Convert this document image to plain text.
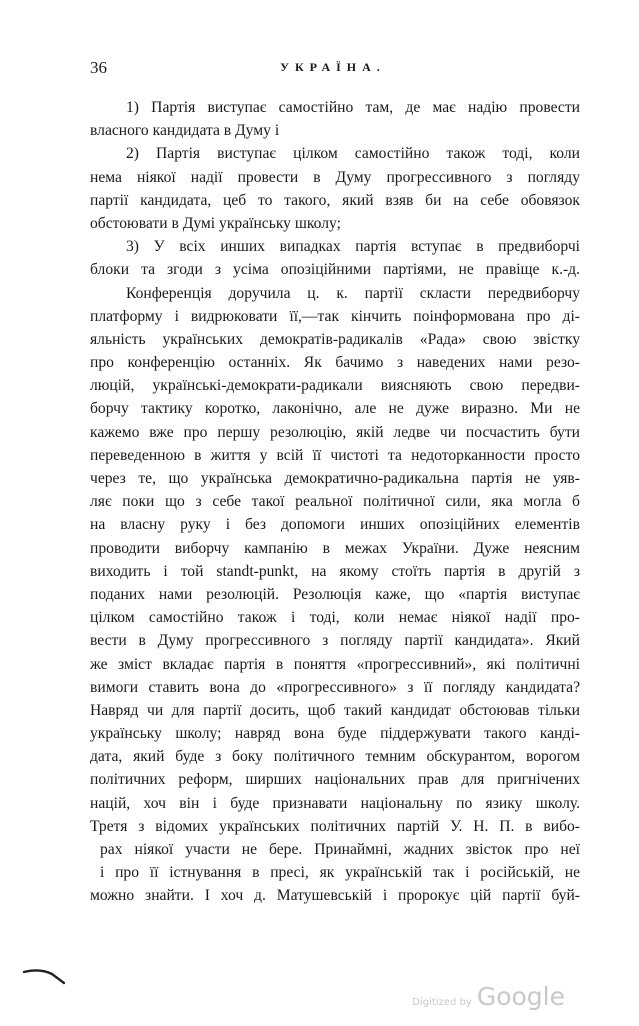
36	УКРАЇНА.
1) Партія виступає самостійно там, де має надію провести
власного кандидата в Думу і
2) Партія виступає цілком самостійно також тоді, коли
нема ніякої надії провести в Думу прогрессивного з погляду
партії кандидата, цеб то такого, який взяв би на себе обовязок
обстоювати в Думі українську школу;
3) У всіх инших випадках партія вступає в предвиборчі
блоки та згоди з усіма опозіційними партіями, не правіще к.-д.
Конференція доручила ц. к. партії скласти передвиборчу
платформу і видрюковати її,—так кінчить поінформована про ді-
яльність українських демократів-радикалів «Рада» свою звістку
про конференцію останніх. Як бачимо з наведених нами резо-
люцій, українські-демократи-радикали виясняють свою передви-
борчу тактику коротко, лаконічно, але не дуже виразно. Ми не
кажемо вже про першу резолюцію, якій ледве чи посчастить бути
переведенною в життя у всій її чистоті та недоторканности просто
через те, що українська демократично-радикальна партія не уяв-
ляє поки що з себе такої реальної політичної сили, яка могла б
на власну руку і без допомоги инших опозіційних елементів
проводити виборчу кампанію в межах України. Дуже неясним
виходить і той standt-punkt, на якому стоїть партія в другій з
поданих нами резолюцій. Резолюція каже, що «партія виступає
цілком самостійно також і тоді, коли немає ніякої надії про-
вести в Думу прогрессивного з погляду партії кандидата». Який
же зміст вкладає партія в поняття «прогрессивний», які політичні
вимоги ставить вона до «прогрессивного» з її погляду кандидата?
Навряд чи для партії досить, щоб такий кандидат обстоював тільки
українську школу; навряд вона буде піддержувати такого канді-
дата, який буде з боку політичного темним обскурантом, ворогом
політичних реформ, ширших національних прав для пригнічених
націй, хоч він і буде признавати національну по язику школу.
Третя з відомих українських політичних партій У. Н. П. в вибо-
рах ніякої участи не бере. Принаймні, жадних звісток про неї
і про її істнування в пресі, як українській так і російській, не
можно знайти. І хоч д. Матушевській і пророкує цій партії буй-
Digitized by Google
